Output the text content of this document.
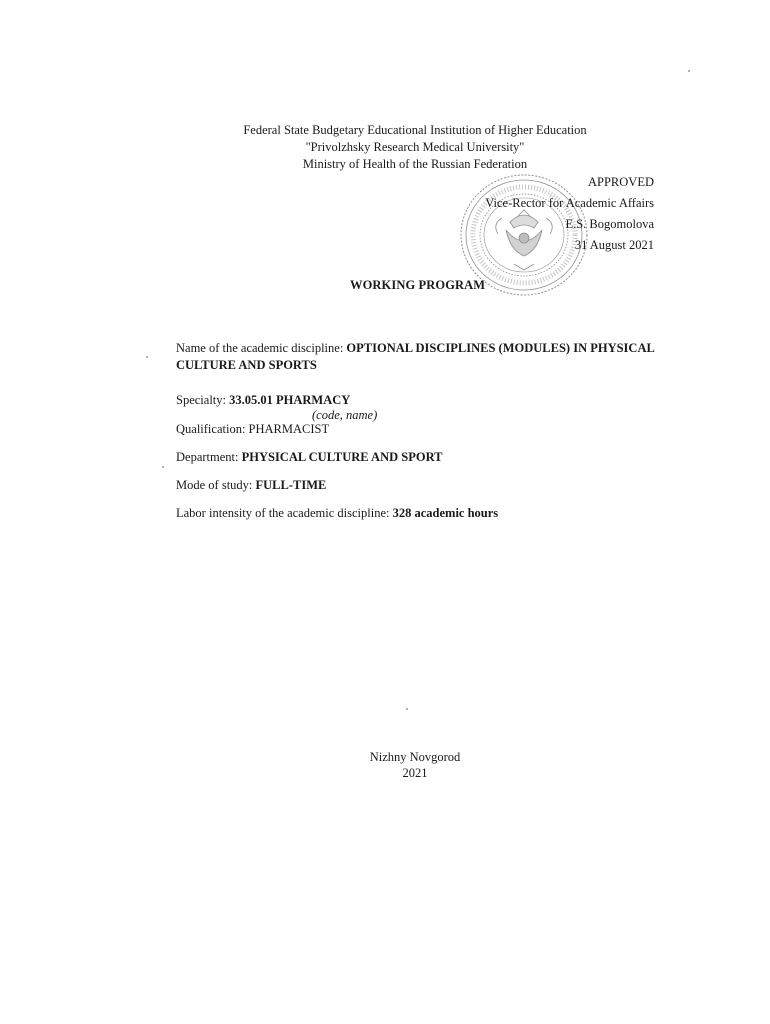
Federal State Budgetary Educational Institution of Higher Education
"Privolzhsky Research Medical University"
Ministry of Health of the Russian Federation
APPROVED
Vice-Rector for Academic Affairs
E.S. Bogomolova
31 August 2021
WORKING PROGRAM

Name of the academic discipline: OPTIONAL DISCIPLINES (MODULES) IN PHYSICAL CULTURE AND SPORTS

Specialty: 33.05.01 PHARMACY

(code, name)

Qualification: PHARMACIST

Department: PHYSICAL CULTURE AND SPORT

Mode of study: FULL-TIME

Labor intensity of the academic discipline: 328 academic hours

Nizhny Novgorod
2021
